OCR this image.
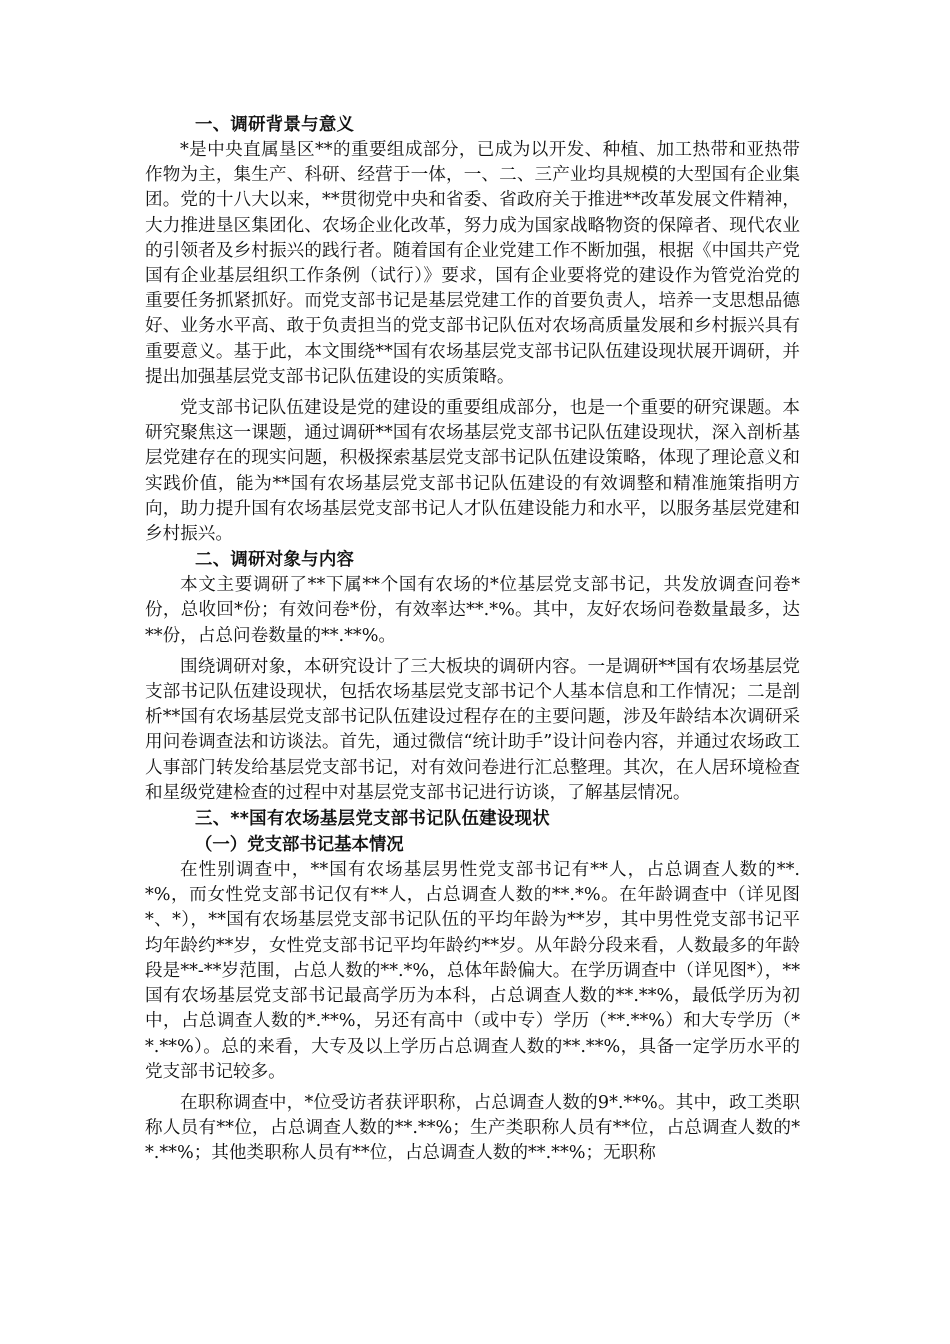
一、调研背景与意义

*是中央直属垦区**的重要组成部分，已成为以开发、种植、加工热带和亚热带作物为主，集生产、科研、经营于一体，一、二、三产业均具规模的大型国有企业集团。党的十八大以来，**贯彻党中央和省委、省政府关于推进**改革发展文件精神，大力推进垦区集团化、农场企业化改革，努力成为国家战略物资的保障者、现代农业的引领者及乡村振兴的践行者。随着国有企业党建工作不断加强，根据《中国共产党国有企业基层组织工作条例（试行）》要求，国有企业要将党的建设作为管党治党的重要任务抓紧抓好。而党支部书记是基层党建工作的首要负责人，培养一支思想品德好、业务水平高、敢于负责担当的党支部书记队伍对农场高质量发展和乡村振兴具有重要意义。基于此，本文围绕**国有农场基层党支部书记队伍建设现状展开调研，并提出加强基层党支部书记队伍建设的实质策略。

党支部书记队伍建设是党的建设的重要组成部分，也是一个重要的研究课题。本研究聚焦这一课题，通过调研**国有农场基层党支部书记队伍建设现状，深入剖析基层党建存在的现实问题，积极探索基层党支部书记队伍建设策略，体现了理论意义和实践价值，能为**国有农场基层党支部书记队伍建设的有效调整和精准施策指明方向，助力提升国有农场基层党支部书记人才队伍建设能力和水平，以服务基层党建和乡村振兴。

二、调研对象与内容

本文主要调研了**下属**个国有农场的*位基层党支部书记，共发放调查问卷*份，总收回*份；有效问卷*份，有效率达**.*%。其中，友好农场问卷数量最多，达**份，占总问卷数量的**.**%。

围绕调研对象，本研究设计了三大板块的调研内容。一是调研**国有农场基层党支部书记队伍建设现状，包括农场基层党支部书记个人基本信息和工作情况；二是剖析**国有农场基层党支部书记队伍建设过程存在的主要问题，涉及年龄结本次调研采用问卷调查法和访谈法。首先，通过微信“统计助手”设计问卷内容，并通过农场政工人事部门转发给基层党支部书记，对有效问卷进行汇总整理。其次，在人居环境检查和星级党建检查的过程中对基层党支部书记进行访谈，了解基层情况。

三、**国有农场基层党支部书记队伍建设现状
（一）党支部书记基本情况

在性别调查中，**国有农场基层男性党支部书记有**人，占总调查人数的**.*%，而女性党支部书记仅有**人，占总调查人数的**.*%。在年龄调查中（详见图*、*），**国有农场基层党支部书记队伍的平均年龄为**岁，其中男性党支部书记平均年龄约**岁，女性党支部书记平均年龄约**岁。从年龄分段来看，人数最多的年龄段是**-**岁范围，占总人数的**.*%，总体年龄偏大。在学历调查中（详见图*），**国有农场基层党支部书记最高学历为本科，占总调查人数的**.**%，最低学历为初中，占总调查人数的*.**%，另还有高中（或中专）学历（**.**%）和大专学历（**.**%）。总的来看，大专及以上学历占总调查人数的**.**%，具备一定学历水平的党支部书记较多。

在职称调查中，*位受访者获评职称，占总调查人数的9*.**%。其中，政工类职称人员有**位，占总调查人数的**.**%；生产类职称人员有**位，占总调查人数的**.**%；其他类职称人员有**位，占总调查人数的**.**%；无职称
